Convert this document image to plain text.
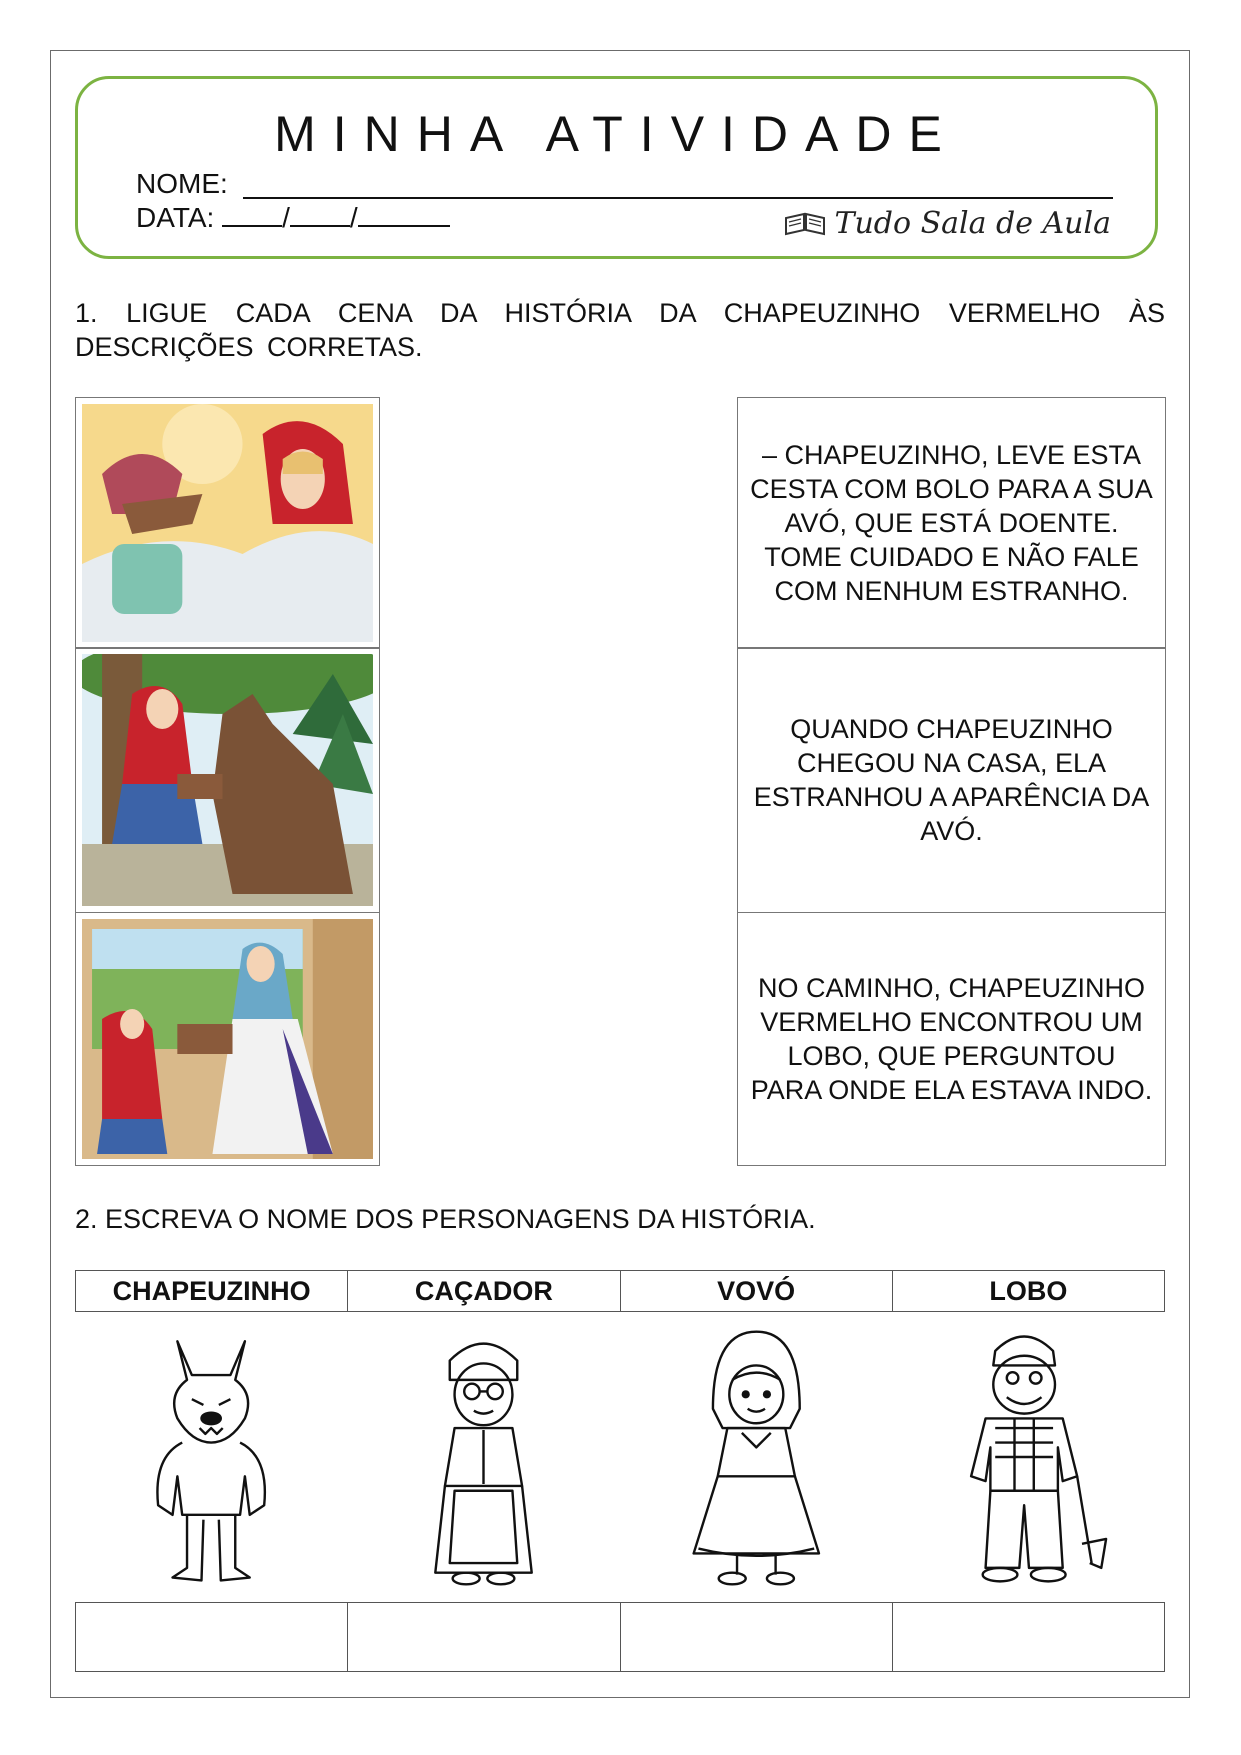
MINHA ATIVIDADE
NOME:
DATA: / /	Tudo Sala de Aula
1. LIGUE CADA CENA DA HISTÓRIA DA CHAPEUZINHO VERMELHO ÀS DESCRIÇÕES CORRETAS.
– CHAPEUZINHO, LEVE ESTA CESTA COM BOLO PARA A SUA AVÓ, QUE ESTÁ DOENTE. TOME CUIDADO E NÃO FALE COM NENHUM ESTRANHO.
QUANDO CHAPEUZINHO CHEGOU NA CASA, ELA ESTRANHOU A APARÊNCIA DA AVÓ.
NO CAMINHO, CHAPEUZINHO VERMELHO ENCONTROU UM LOBO, QUE PERGUNTOU PARA ONDE ELA ESTAVA INDO.
2. ESCREVA O NOME DOS PERSONAGENS DA HISTÓRIA.
CHAPEUZINHO	CAÇADOR	VOVÓ	LOBO
